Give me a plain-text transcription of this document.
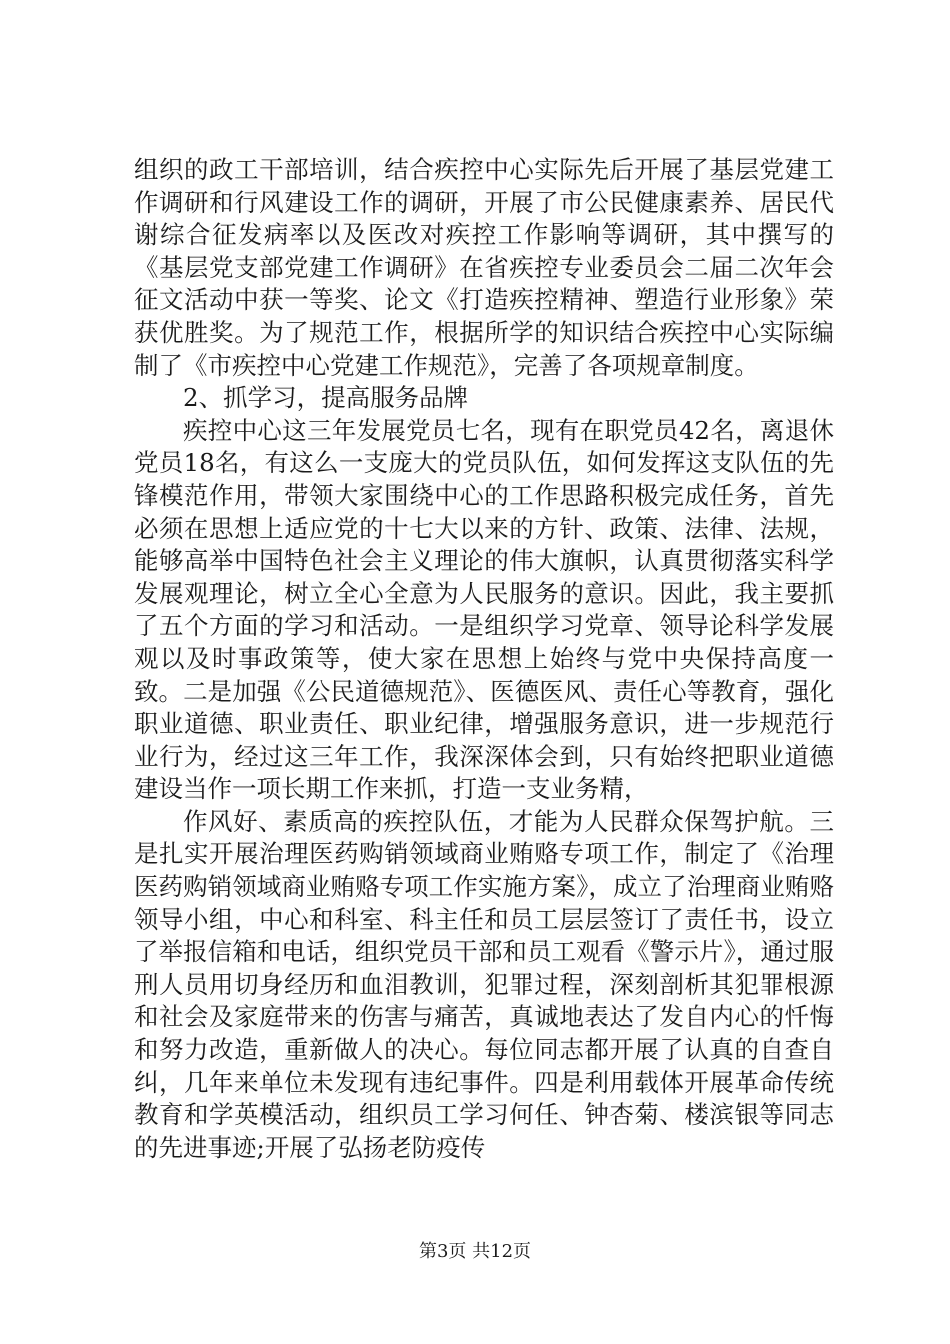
组织的政工干部培训，结合疾控中心实际先后开展了基层党建工作调研和行风建设工作的调研，开展了市公民健康素养、居民代谢综合征发病率以及医改对疾控工作影响等调研，其中撰写的《基层党支部党建工作调研》在省疾控专业委员会二届二次年会征文活动中获一等奖、论文《打造疾控精神、塑造行业形象》荣获优胜奖。为了规范工作，根据所学的知识结合疾控中心实际编制了《市疾控中心党建工作规范》，完善了各项规章制度。

2、抓学习，提高服务品牌

疾控中心这三年发展党员七名，现有在职党员42名，离退休党员18名，有这么一支庞大的党员队伍，如何发挥这支队伍的先锋模范作用，带领大家围绕中心的工作思路积极完成任务，首先必须在思想上适应党的十七大以来的方针、政策、法律、法规，能够高举中国特色社会主义理论的伟大旗帜，认真贯彻落实科学发展观理论，树立全心全意为人民服务的意识。因此，我主要抓了五个方面的学习和活动。一是组织学习党章、领导论科学发展观以及时事政策等，使大家在思想上始终与党中央保持高度一致。二是加强《公民道德规范》、医德医风、责任心等教育，强化职业道德、职业责任、职业纪律，增强服务意识，进一步规范行业行为，经过这三年工作，我深深体会到，只有始终把职业道德建设当作一项长期工作来抓，打造一支业务精，

作风好、素质高的疾控队伍，才能为人民群众保驾护航。三是扎实开展治理医药购销领域商业贿赂专项工作，制定了《治理医药购销领域商业贿赂专项工作实施方案》，成立了治理商业贿赂领导小组，中心和科室、科主任和员工层层签订了责任书，设立了举报信箱和电话，组织党员干部和员工观看《警示片》，通过服刑人员用切身经历和血泪教训，犯罪过程，深刻剖析其犯罪根源和社会及家庭带来的伤害与痛苦，真诚地表达了发自内心的忏悔和努力改造，重新做人的决心。每位同志都开展了认真的自查自纠，几年来单位未发现有违纪事件。四是利用载体开展革命传统教育和学英模活动，组织员工学习何任、钟杏菊、楼滨银等同志的先进事迹;开展了弘扬老防疫传

第3页 共12页
